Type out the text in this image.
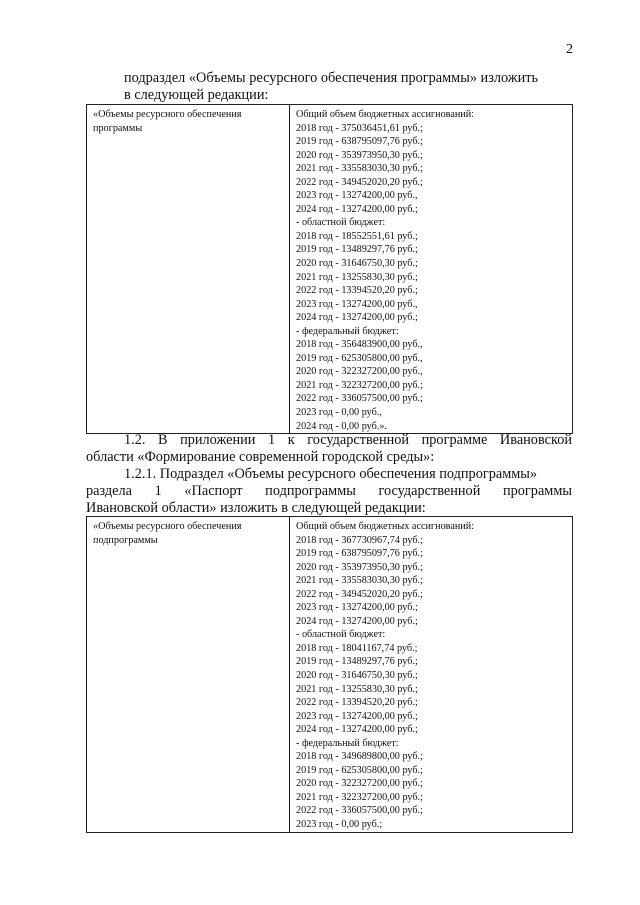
2

подраздел «Объемы ресурсного обеспечения программы» изложить
в следующей редакции:

«Объемы ресурсного обеспечения
программы

Общий объем бюджетных ассигнований:
2018 год - 375036451,61 руб.;
2019 год - 638795097,76 руб.;
2020 год - 353973950,30 руб.;
2021 год - 335583030,30 руб.;
2022 год - 349452020,20 руб.;
2023 год - 13274200,00 руб.,
2024 год - 13274200,00 руб.;
- областной бюджет:
2018 год - 18552551,61 руб.;
2019 год - 13489297,76 руб.;
2020 год - 31646750,30 руб.;
2021 год - 13255830,30 руб.;
2022 год - 13394520,20 руб.;
2023 год - 13274200,00 руб.,
2024 год - 13274200,00 руб.;
- федеральный бюджет:
2018 год - 356483900,00 руб.,
2019 год - 625305800,00 руб.,
2020 год - 322327200,00 руб.,
2021 год - 322327200,00 руб.;
2022 год - 336057500,00 руб.;
2023 год - 0,00 руб.,
2024 год - 0,00 руб.».

1.2. В приложении 1 к государственной программе Ивановской
области «Формирование современной городской среды»:

1.2.1. Подраздел «Объемы ресурсного обеспечения подпрограммы»
раздела 1 «Паспорт подпрограммы государственной программы
Ивановской области» изложить в следующей редакции:

«Объемы ресурсного обеспечения
подпрограммы

Общий объем бюджетных ассигнований:
2018 год - 367730967,74 руб.;
2019 год - 638795097,76 руб.;
2020 год - 353973950,30 руб.;
2021 год - 335583030,30 руб.;
2022 год - 349452020,20 руб.;
2023 год - 13274200,00 руб.;
2024 год - 13274200,00 руб.;
- областной бюджет:
2018 год - 18041167,74 руб.;
2019 год - 13489297,76 руб.;
2020 год - 31646750,30 руб.;
2021 год - 13255830,30 руб.;
2022 год - 13394520,20 руб.;
2023 год - 13274200,00 руб.;
2024 год - 13274200,00 руб.;
- федеральный бюджет:
2018 год - 349689800,00 руб.;
2019 год - 625305800,00 руб.;
2020 год - 322327200,00 руб.;
2021 год - 322327200,00 руб.;
2022 год - 336057500,00 руб.;
2023 год - 0,00 руб.;
